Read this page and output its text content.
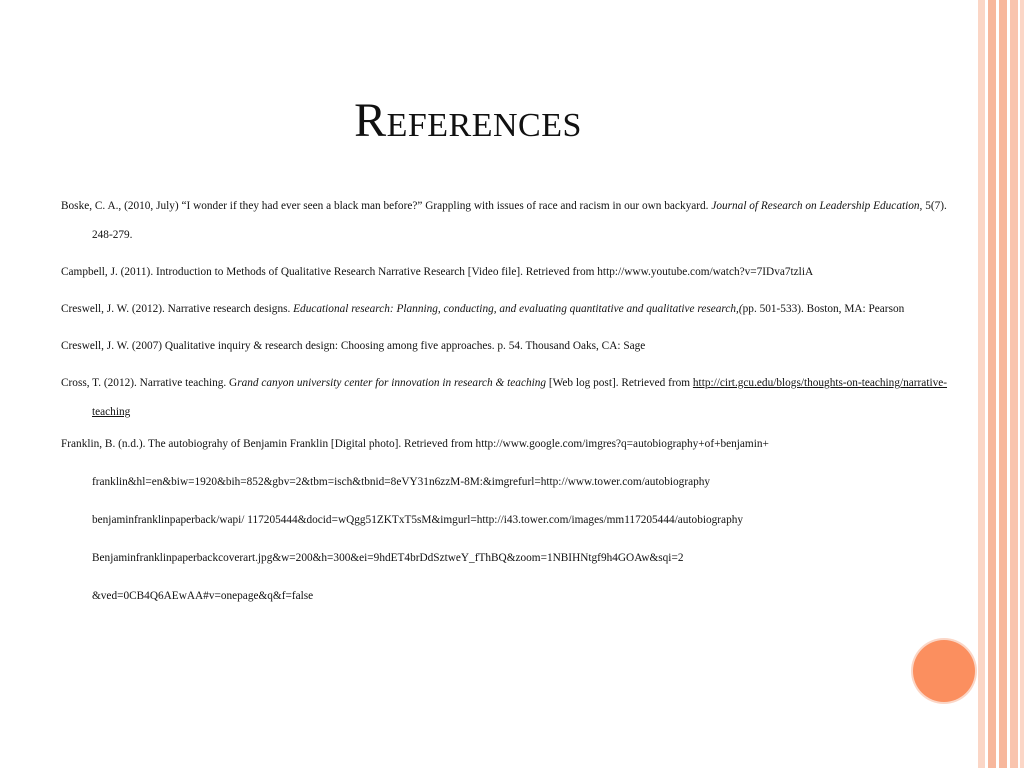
References

Boske, C. A., (2010, July) “I wonder if they had ever seen a black man before?” Grappling with issues of race and racism in our own backyard. Journal of Research on Leadership Education, 5(7). 248-279.

Campbell, J. (2011). Introduction to Methods of Qualitative Research Narrative Research [Video file]. Retrieved from http://www.youtube.com/watch?v=7IDva7tzliA

Creswell, J. W. (2012). Narrative research designs. Educational research: Planning, conducting, and evaluating quantitative and qualitative research,(pp. 501-533). Boston, MA: Pearson

Creswell, J. W. (2007) Qualitative inquiry & research design: Choosing among five approaches. p. 54. Thousand Oaks, CA: Sage

Cross, T. (2012). Narrative teaching. Grand canyon university center for innovation in research & teaching [Web log post]. Retrieved from http://cirt.gcu.edu/blogs/thoughts-on-teaching/narrative-teaching

Franklin, B. (n.d.). The autobiograhy of Benjamin Franklin [Digital photo]. Retrieved from http://www.google.com/imgres?q=autobiography+of+benjamin+

franklin&hl=en&biw=1920&bih=852&gbv=2&tbm=isch&tbnid=8eVY31n6zzM-8M:&imgrefurl=http://www.tower.com/autobiography

benjaminfranklinpaperback/wapi/ 117205444&docid=wQgg51ZKTxT5sM&imgurl=http://i43.tower.com/images/mm117205444/autobiography

Benjaminfranklinpaperbackcoverart.jpg&w=200&h=300&ei=9hdET4brDdSztweY_fThBQ&zoom=1NBIHNtgf9h4GOAw&sqi=2

&ved=0CB4Q6AEwAA#v=onepage&q&f=false
